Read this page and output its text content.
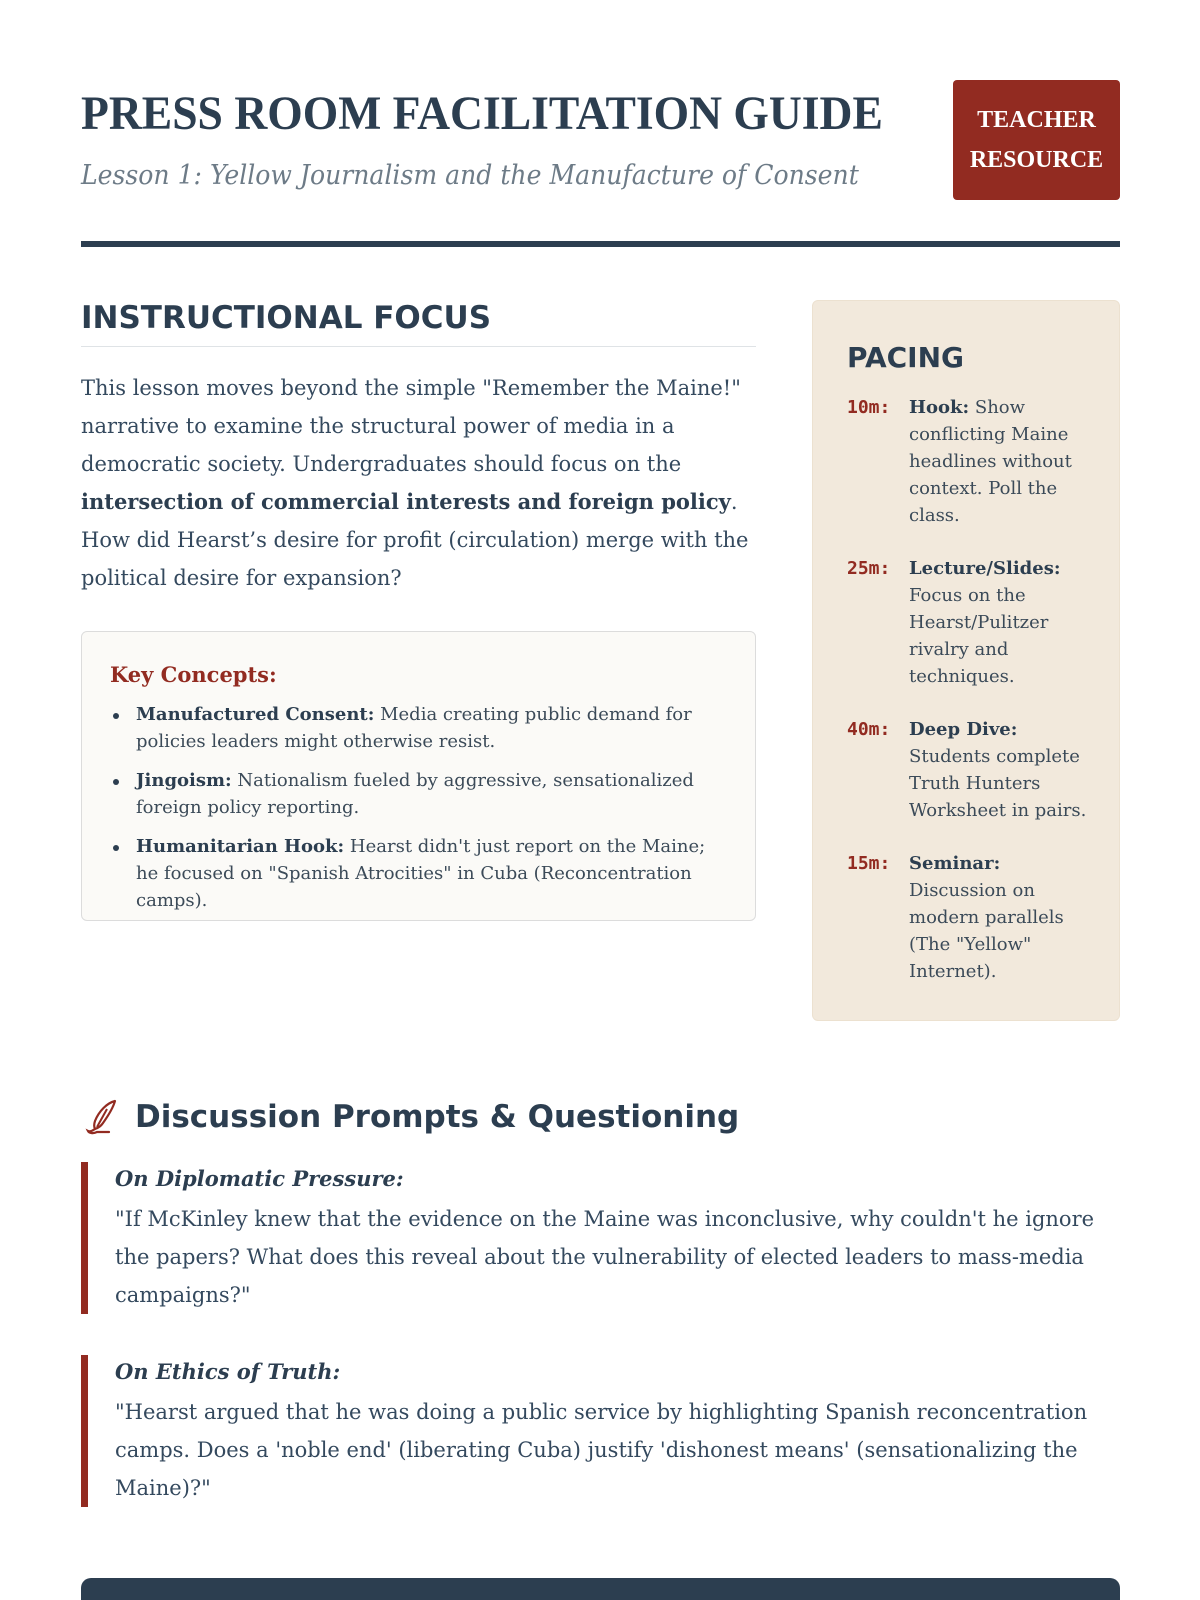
PRESS ROOM FACILITATION GUIDE
Lesson 1: Yellow Journalism and the Manufacture of Consent
TEACHER
RESOURCE
INSTRUCTIONAL FOCUS

This lesson moves beyond the simple "Remember the Maine!" narrative to examine the structural power of media in a democratic society. Undergraduates should focus on the intersection of commercial interests and foreign policy. How did Hearst’s desire for profit (circulation) merge with the political desire for expansion?

Key Concepts:
Manufactured Consent: Media creating public demand for policies leaders might otherwise resist.
Jingoism: Nationalism fueled by aggressive, sensationalized foreign policy reporting.
Humanitarian Hook: Hearst didn't just report on the Maine; he focused on "Spanish Atrocities" in Cuba (Reconcentration camps).
PACING
10m:	Hook: Show conflicting Maine headlines without context. Poll the class.
25m:	Lecture/Slides: Focus on the Hearst/Pulitzer rivalry and techniques.
40m:	Deep Dive: Students complete Truth Hunters Worksheet in pairs.
15m:	Seminar: Discussion on modern parallels (The "Yellow" Internet).
Discussion Prompts & Questioning
On Diplomatic Pressure:
"If McKinley knew that the evidence on the Maine was inconclusive, why couldn't he ignore the papers? What does this reveal about the vulnerability of elected leaders to mass-media campaigns?"
On Ethics of Truth:
"Hearst argued that he was doing a public service by highlighting Spanish reconcentration camps. Does a 'noble end' (liberating Cuba) justify 'dishonest means' (sensationalizing the Maine)?"
